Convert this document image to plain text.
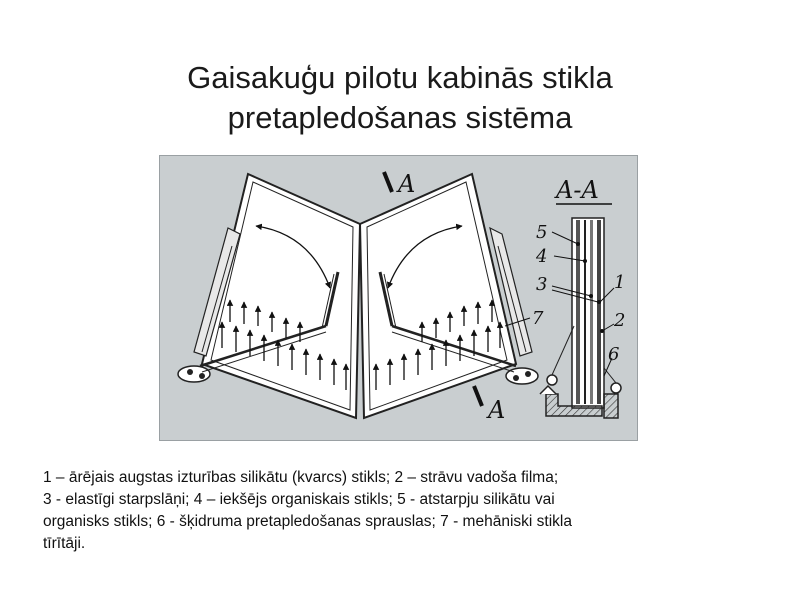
Gaisakuģu pilotu kabinās stikla
pretapledošanas sistēma
A
A
7
A-A
5
4
3	1
2
6
1 – ārējais augstas izturības silikātu (kvarcs) stikls; 2 – strāvu vadoša filma;
3 - elastīgi starpslāņi; 4 – iekšējs organiskais stikls; 5 - atstarpju silikātu vai
organisks stikls; 6 - šķidruma pretapledošanas sprauslas; 7 - mehāniski stikla
tīrītāji.
